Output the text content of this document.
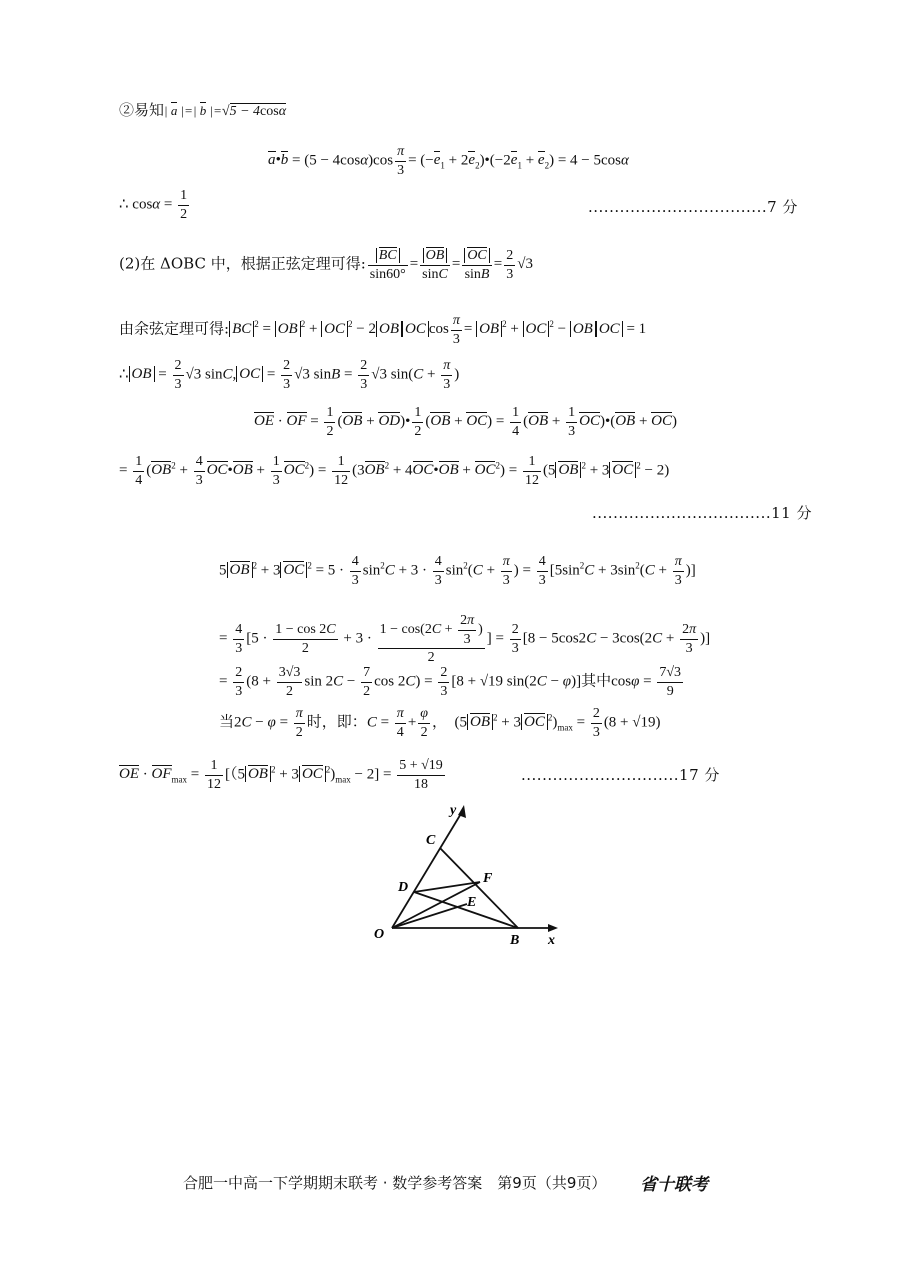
②易知| a |=| b |=√5 − 4cosα
a•b = $(5 - 4\cos\alpha)\cos \frac{\pi}{3} = (-e_1$ + $2e_2)•(-2e_1 + e_2) = 4 - 5\cos\alpha$
∴ $\cos\alpha = \frac{1}{2}$	..................................7 分
(2)在 ΔOBC 中，根据正弦定理可得: $\frac{BC}{\sin 60^\circ} = \frac{OB}{\sin C} = \frac{OC}{\sin B} = \frac{2}{3} √3$
由余弦定理可得: BC $^2$ = OB $^2$ + OC $^2$ − 2 OB OC $\cos \frac{\pi}{3}$ = OB $^2$ + OC $^2$ − OB OC = 1
∴ OB = $\frac{2}{3} √3$ sinC, OC = $\frac{2}{3} √3$ $\sin B = \frac{2}{3} √3$ $\sin(C + \frac{\pi}{3}$ )
OE · OF = $\frac{1}{2} (OB$ + OD)• $\frac{1}{2} (OB + OC) = \frac{1}{4} (OB + \frac{1}{3}$ OC)•(OB + OC)
= $\frac{1}{4} (OB^2 + \frac{4}{3}$ OC•OB + $\frac{1}{3} OC^2) = \frac{1}{12} (3OB^2$ + 4OC•OB + $OC^2) = \frac{1}{12} (5$ OB $^2$ + 3 OC $^2$ − 2)
..................................11 分
5 OB $^2$ + 3 OC $^2 = 5 \cdot \frac{4}{3} \sin^2C + 3 \cdot \frac{4}{3} \sin^2(C + \frac{\pi}{3}$ ) = $\frac{4}{3} [5\sin^2C + 3\sin^2(C + \frac{\pi}{3}$ )]
= $\frac{4}{3} [5 \cdot \frac{1 - \cos 2C}{2} + 3 \cdot \frac{1 - \cos(2C + \frac{2\pi}{3} )}{2}$ ] = $\frac{2}{3} [8 - 5\cos 2C - 3\cos(2C + \frac{2\pi}{3}$ )]
= $\frac{2}{3} (8 + \frac{3√3}{2}$ $\sin 2C - \frac{7}{2}$ $\cos 2C) = \frac{2}{3} [8 + √19$ sin(2C − φ)]其中$\cos\varphi = \frac{7√3}{9}$
当$2C - \varphi = \frac{\pi}{2}$ 时，即：$C = \frac{\pi}{4} + \frac{\varphi}{2}$ ，  (5 OB $^2$ + 3 OC $^2)_{max} = \frac{2}{3} (8 + √19)$
OE · $OF_{max} = \frac{1}{12} [(5$ OB $^2$ + 3 OC $^2)_{max} - 2] = \frac{5 + √19}{18}$	..............................17 分
y
C
F
D
E
O	B x
合肥一中高一下学期期末联考 · 数学参考答案　第9页（共9页） 省十联考
